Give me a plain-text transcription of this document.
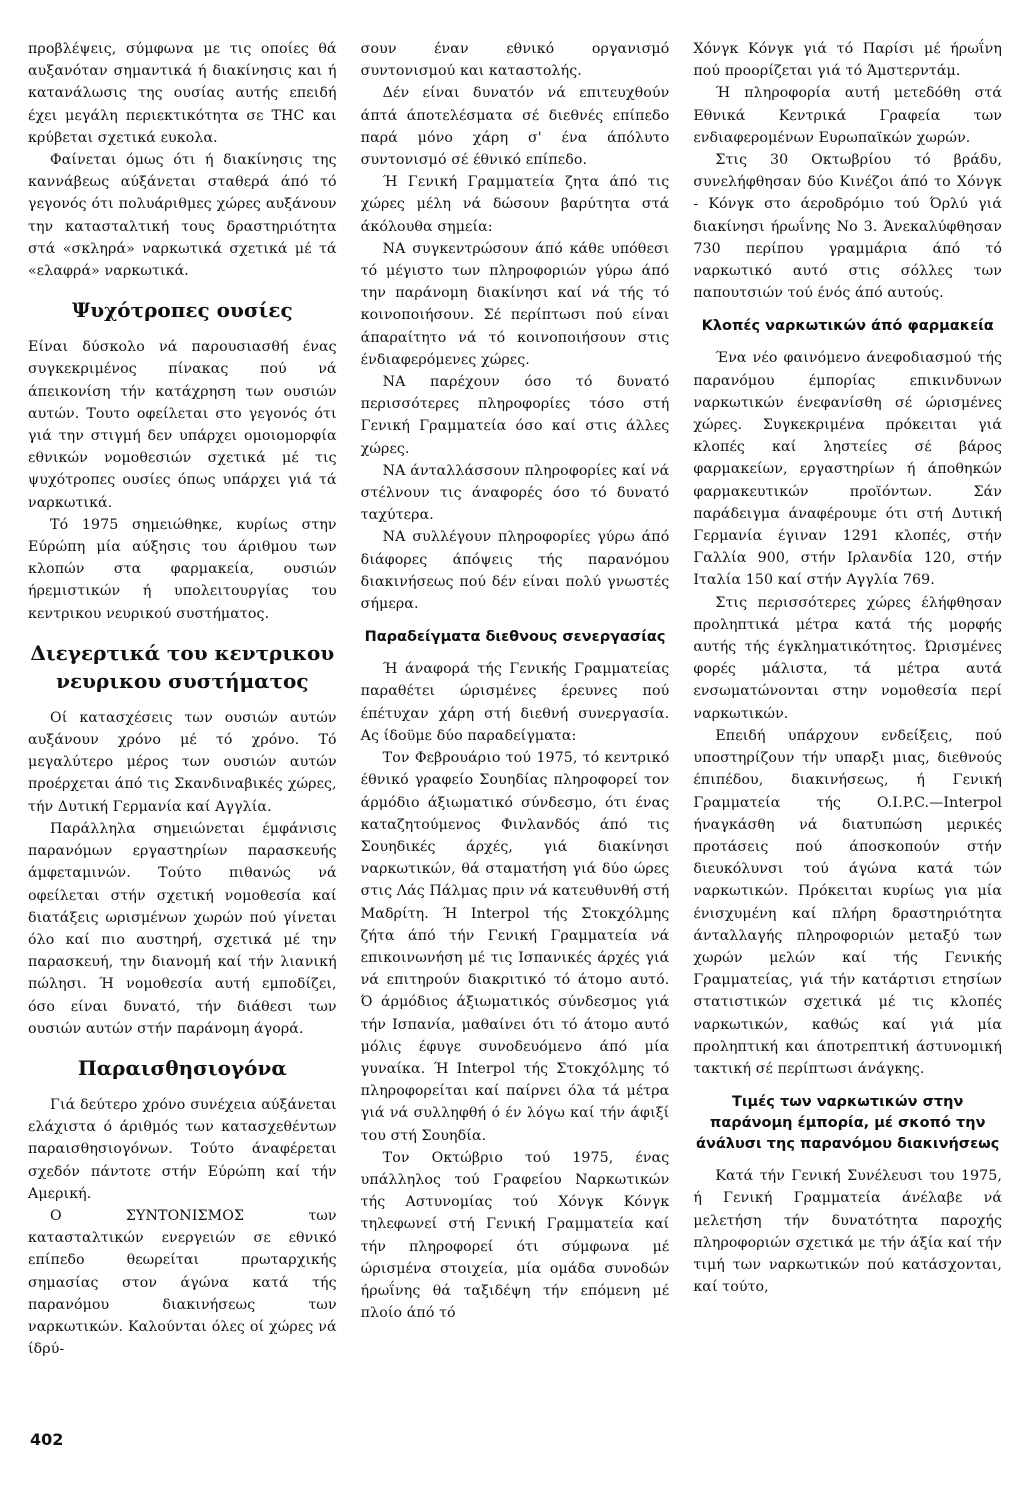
προβλέψεις, σύμφωνα με τις οποίες θά αυξανόταν σημαντικά ή διακίνησις και ή κατανάλωσις της ουσίας αυτής επειδή έχει μεγάλη περιεκτικότητα σε THC και κρύβεται σχετικά ευκολα.

Φαίνεται όμως ότι ή διακίνησις της καννάβεως αύξάνεται σταθερά άπό τό γεγονός ότι πολυάριθμες χώρες αυξάνουν την κατασταλτική τους δραστηριότητα στά «σκληρά» ναρκωτικά σχετικά μέ τά «ελαφρά» ναρκωτικά.

Ψυχότροπες ουσίες

Είναι δύσκολο νά παρουσιασθή ένας συγκεκριμένος πίνακας πού νά άπεικονίση τήν κατάχρηση των ουσιών αυτών. Τουτο οφείλεται στο γεγονός ότι γιά την στιγμή δεν υπάρχει ομοιομορφία εθνικών νομοθεσιών σχετικά μέ τις ψυχότροπες ουσίες όπως υπάρχει γιά τά ναρκωτικά.

Τό 1975 σημειώθηκε, κυρίως στην Εύρώπη μία αύξησις του άριθμου των κλοπών στα φαρμακεία, ουσιών ήρεμιστικών ή υπολειτουργίας του κεντρικου νευρικού συστήματος.

Διεγερτικά του κεντρικου νευρικου συστήματος

Οί κατασχέσεις των ουσιών αυτών αυξάνουν χρόνο μέ τό χρόνο. Τό μεγαλύτερο μέρος των ουσιών αυτών προέρχεται άπό τις Σκανδιναβικές χώρες, τήν Δυτική Γερμανία καί Αγγλία.

Παράλληλα σημειώνεται έμφάνισις παρανόμων εργαστηρίων παρασκευής άμφεταμινών. Τούτο πιθανώς νά οφείλεται στήν σχετική νομοθεσία καί διατάξεις ωρισμένων χωρών πού γίνεται όλο καί πιο αυστηρή, σχετικά μέ την παρασκευή, την διανομή καί τήν λιανική πώλησι. Ή νομοθεσία αυτή εμποδίζει, όσο είναι δυνατό, τήν διάθεσι των ουσιών αυτών στήν παράνομη άγορά.

Παραισθησιογόνα

Γιά δεύτερο χρόνο συνέχεια αύξάνεται ελάχιστα ό άριθμός των κατασχεθέντων παραισθησιογόνων. Τούτο άναφέρεται σχεδόν πάντοτε στήν Εύρώπη καί τήν Αμερική.

Ο ΣΥΝΤΟΝΙΣΜΟΣ των κατασταλτικών ενεργειών σε εθνικό επίπεδο θεωρείται πρωταρχικής σημασίας στον άγώνα κατά τής παρανόμου διακινήσεως των ναρκωτικών. Καλούνται όλες οί χώρες νά ίδρύ-

σουν έναν εθνικό οργανισμό συντονισμού και καταστολής.

Δέν είναι δυνατόν νά επιτευχθούν άπτά άποτελέσματα σέ διεθνές επίπεδο παρά μόνο χάρη σ' ένα άπόλυτο συντονισμό σέ έθνικό επίπεδο.

Ή Γενική Γραμματεία ζητα άπό τις χώρες μέλη νά δώσουν βαρύτητα στά άκόλουθα σημεία:

ΝΑ συγκεντρώσουν άπό κάθε υπόθεσι τό μέγιστο των πληροφοριών γύρω άπό την παράνομη διακίνησι καί νά τής τό κοινοποιήσουν. Σέ περίπτωσι πού είναι άπαραίτητο νά τό κοινοποιήσουν στις ένδιαφερόμενες χώρες.

ΝΑ παρέχουν όσο τό δυνατό περισσότερες πληροφορίες τόσο στή Γενική Γραμματεία όσο καί στις άλλες χώρες.

ΝΑ άνταλλάσσουν πληροφορίες καί νά στέλνουν τις άναφορές όσο τό δυνατό ταχύτερα.

ΝΑ συλλέγουν πληροφορίες γύρω άπό διάφορες άπόψεις τής παρανόμου διακινήσεως πού δέν είναι πολύ γνωστές σήμερα.

Παραδείγματα διεθνους σενεργασίας

Ή άναφορά τής Γενικής Γραμματείας παραθέτει ώρισμένες έρευνες πού έπέτυχαν χάρη στή διεθνή συνεργασία. Ας ίδοϋμε δύο παραδείγματα:

Τον Φεβρουάριο τού 1975, τό κεντρικό έθνικό γραφείο Σουηδίας πληροφορεί τον άρμόδιο άξιωματικό σύνδεσμο, ότι ένας καταζητούμενος Φινλανδός άπό τις Σουηδικές άρχές, γιά διακίνησι ναρκωτικών, θά σταματήση γιά δύο ώρες στις Λάς Πάλμας πριν νά κατευθυνθή στή Μαδρίτη. Ή Interpol τής Στοκχόλμης ζήτα άπό τήν Γενική Γραμματεία νά επικοινωνήση μέ τις Ισπανικές άρχές γιά νά επιτηρούν διακριτικό τό άτομο αυτό. Ό άρμόδιος άξιωματικός σύνδεσμος γιά τήν Ισπανία, μαθαίνει ότι τό άτομο αυτό μόλις έφυγε συνοδευόμενο άπό μία γυναίκα. Ή Interpol τής Στοκχόλμης τό πληροφορείται καί παίρνει όλα τά μέτρα γιά νά συλληφθή ό έν λόγω καί τήν άφιξί του στή Σουηδία.

Τον Οκτώβριο τού 1975, ένας υπάλληλος τού Γραφείου Ναρκωτικών τής Αστυνομίας τού Χόνγκ Κόνγκ τηλεφωνεί στή Γενική Γραμματεία καί τήν πληροφορεί ότι σύμφωνα μέ ώρισμένα στοιχεία, μία ομάδα συνοδών ήρωΐνης θά ταξιδέψη τήν επόμενη μέ πλοίο άπό τό

Χόνγκ Κόνγκ γιά τό Παρίσι μέ ήρωΐνη πού προορίζεται γιά τό Άμστερντάμ.

Ή πληροφορία αυτή μετεδόθη στά Εθνικά Κεντρικά Γραφεία των ενδιαφερομένων Ευρωπαϊκών χωρών.

Στις 30 Οκτωβρίου τό βράδυ, συνελήφθησαν δύο Κινέζοι άπό το Χόνγκ - Κόνγκ στο άεροδρόμιο τού Όρλύ γιά διακίνησι ήρωΐνης Νο 3. Άνεκαλύφθησαν 730 περίπου γραμμάρια άπό τό ναρκωτικό αυτό στις σόλλες των παπουτσιών τού ένός άπό αυτούς.

Κλοπές ναρκωτικών άπό φαρμακεία

Ένα νέο φαινόμενο άνεφοδιασμού τής παρανόμου έμπορίας επικινδυνων ναρκωτικών ένεφανίσθη σέ ώρισμένες χώρες. Συγκεκριμένα πρόκειται γιά κλοπές καί ληστείες σέ βάρος φαρμακείων, εργαστηρίων ή άποθηκών φαρμακευτικών προϊόντων. Σάν παράδειγμα άναφέρουμε ότι στή Δυτική Γερμανία έγιναν 1291 κλοπές, στήν Γαλλία 900, στήν Ιρλανδία 120, στήν Ιταλία 150 καί στήν Αγγλία 769.

Στις περισσότερες χώρες έλήφθησαν προληπτικά μέτρα κατά τής μορφής αυτής τής έγκληματικότητος. Ώρισμένες φορές μάλιστα, τά μέτρα αυτά ενσωματώνονται στην νομοθεσία περί ναρκωτικών.

Επειδή υπάρχουν ενδείξεις, πού υποστηρίζουν τήν υπαρξι μιας, διεθνούς έπιπέδου, διακινήσεως, ή Γενική Γραμματεία τής O.I.P.C.—Interpol ήναγκάσθη νά διατυπώση μερικές προτάσεις πού άποσκοπούν στήν διευκόλυνσι τού άγώνα κατά τών ναρκωτικών. Πρόκειται κυρίως για μία ένισχυμένη καί πλήρη δραστηριότητα άνταλλαγής πληροφοριών μεταξύ των χωρών μελών καί τής Γενικής Γραμματείας, γιά τήν κατάρτισι ετησίων στατιστικών σχετικά μέ τις κλοπές ναρκωτικών, καθώς καί γιά μία προληπτική και άποτρεπτική άστυνομική τακτική σέ περίπτωσι άνάγκης.

Τιμές των ναρκωτικών στην παράνομη έμπορία, μέ σκοπό την άνάλυσι της παρανόμου διακινήσεως

Κατά τήν Γενική Συνέλευσι του 1975, ή Γενική Γραμματεία άνέλαβε νά μελετήση τήν δυνατότητα παροχής πληροφοριών σχετικά με τήν άξία καί τήν τιμή των ναρκωτικών πού κατάσχονται, καί τούτο,

402
